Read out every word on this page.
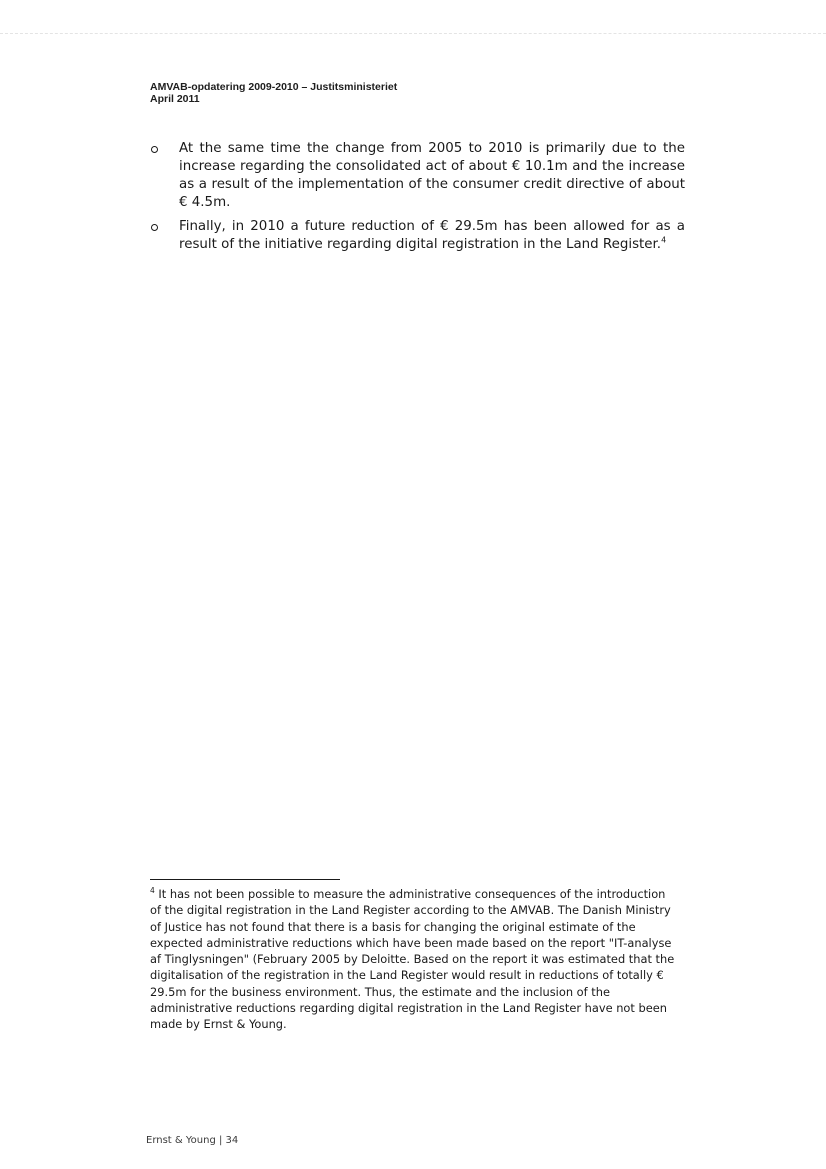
AMVAB-opdatering 2009-2010 – Justitsministeriet
April 2011
At the same time the change from 2005 to 2010 is primarily due to the increase regarding the consolidated act of about € 10.1m and the increase as a result of the implementation of the consumer credit directive of about € 4.5m.
Finally, in 2010 a future reduction of € 29.5m has been allowed for as a result of the initiative regarding digital registration in the Land Register.$^4$
$^4$ It has not been possible to measure the administrative consequences of the introduction of the digital registration in the Land Register according to the AMVAB. The Danish Ministry of Justice has not found that there is a basis for changing the original estimate of the expected administrative reductions which have been made based on the report "IT-analyse af Tinglysningen" (February 2005 by Deloitte. Based on the report it was estimated that the digitalisation of the registration in the Land Register would result in reductions of totally € 29.5m for the business environment. Thus, the estimate and the inclusion of the administrative reductions regarding digital registration in the Land Register have not been made by Ernst & Young.
Ernst & Young | 34
